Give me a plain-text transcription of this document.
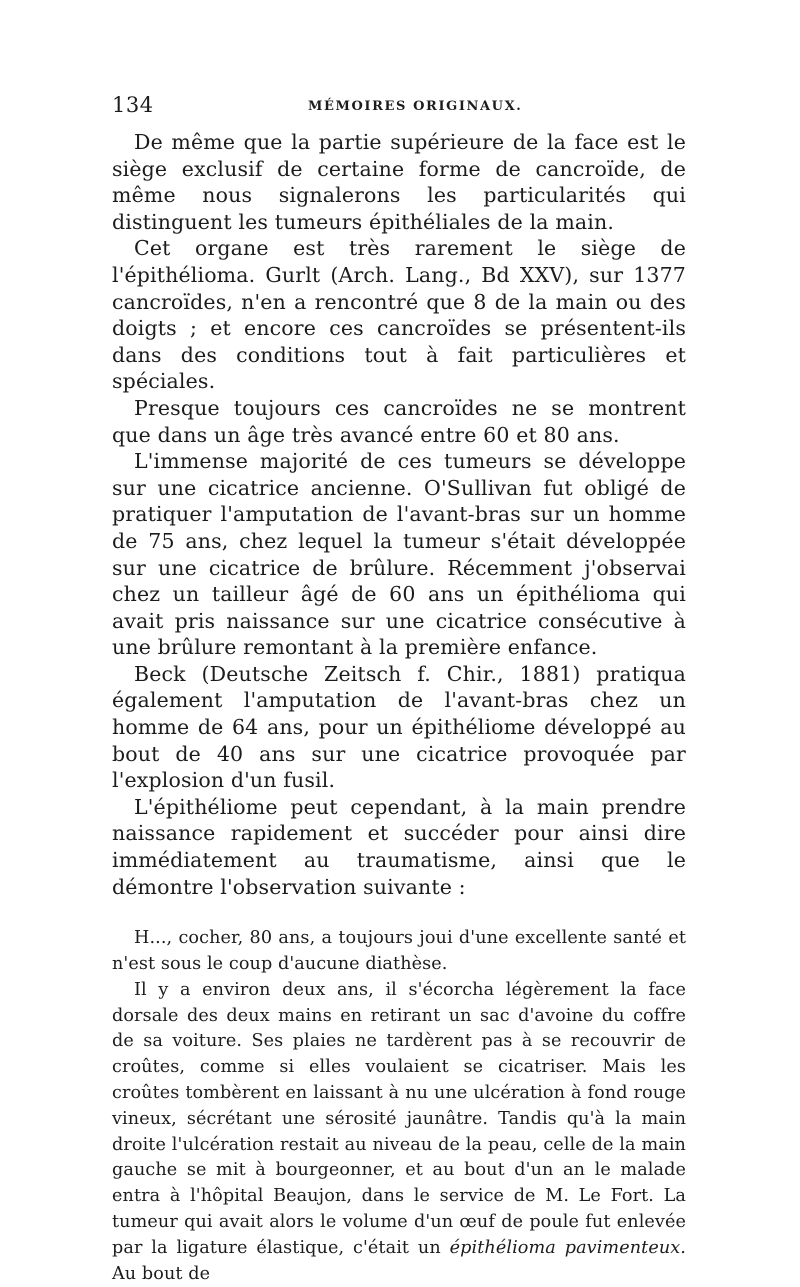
134	MÉMOIRES ORIGINAUX.

De même que la partie supérieure de la face est le siège exclusif de certaine forme de cancroïde, de même nous signalerons les particularités qui distinguent les tumeurs épithéliales de la main.

Cet organe est très rarement le siège de l'épithélioma. Gurlt (Arch. Lang., Bd XXV), sur 1377 cancroïdes, n'en a rencontré que 8 de la main ou des doigts ; et encore ces cancroïdes se présentent-ils dans des conditions tout à fait particulières et spéciales.

Presque toujours ces cancroïdes ne se montrent que dans un âge très avancé entre 60 et 80 ans.

L'immense majorité de ces tumeurs se développe sur une cicatrice ancienne. O'Sullivan fut obligé de pratiquer l'amputation de l'avant-bras sur un homme de 75 ans, chez lequel la tumeur s'était développée sur une cicatrice de brûlure. Récemment j'observai chez un tailleur âgé de 60 ans un épithélioma qui avait pris naissance sur une cicatrice consécutive à une brûlure remontant à la première enfance.

Beck (Deutsche Zeitsch f. Chir., 1881) pratiqua également l'amputation de l'avant-bras chez un homme de 64 ans, pour un épithéliome développé au bout de 40 ans sur une cicatrice provoquée par l'explosion d'un fusil.

L'épithéliome peut cependant, à la main prendre naissance rapidement et succéder pour ainsi dire immédiatement au traumatisme, ainsi que le démontre l'observation suivante :

H..., cocher, 80 ans, a toujours joui d'une excellente santé et n'est sous le coup d'aucune diathèse.

Il y a environ deux ans, il s'écorcha légèrement la face dorsale des deux mains en retirant un sac d'avoine du coffre de sa voiture. Ses plaies ne tardèrent pas à se recouvrir de croûtes, comme si elles voulaient se cicatriser. Mais les croûtes tombèrent en laissant à nu une ulcération à fond rouge vineux, sécrétant une sérosité jaunâtre. Tandis qu'à la main droite l'ulcération restait au niveau de la peau, celle de la main gauche se mit à bourgeonner, et au bout d'un an le malade entra à l'hôpital Beaujon, dans le service de M. Le Fort. La tumeur qui avait alors le volume d'un œuf de poule fut enlevée par la ligature élastique, c'était un épithélioma pavimenteux. Au bout de
